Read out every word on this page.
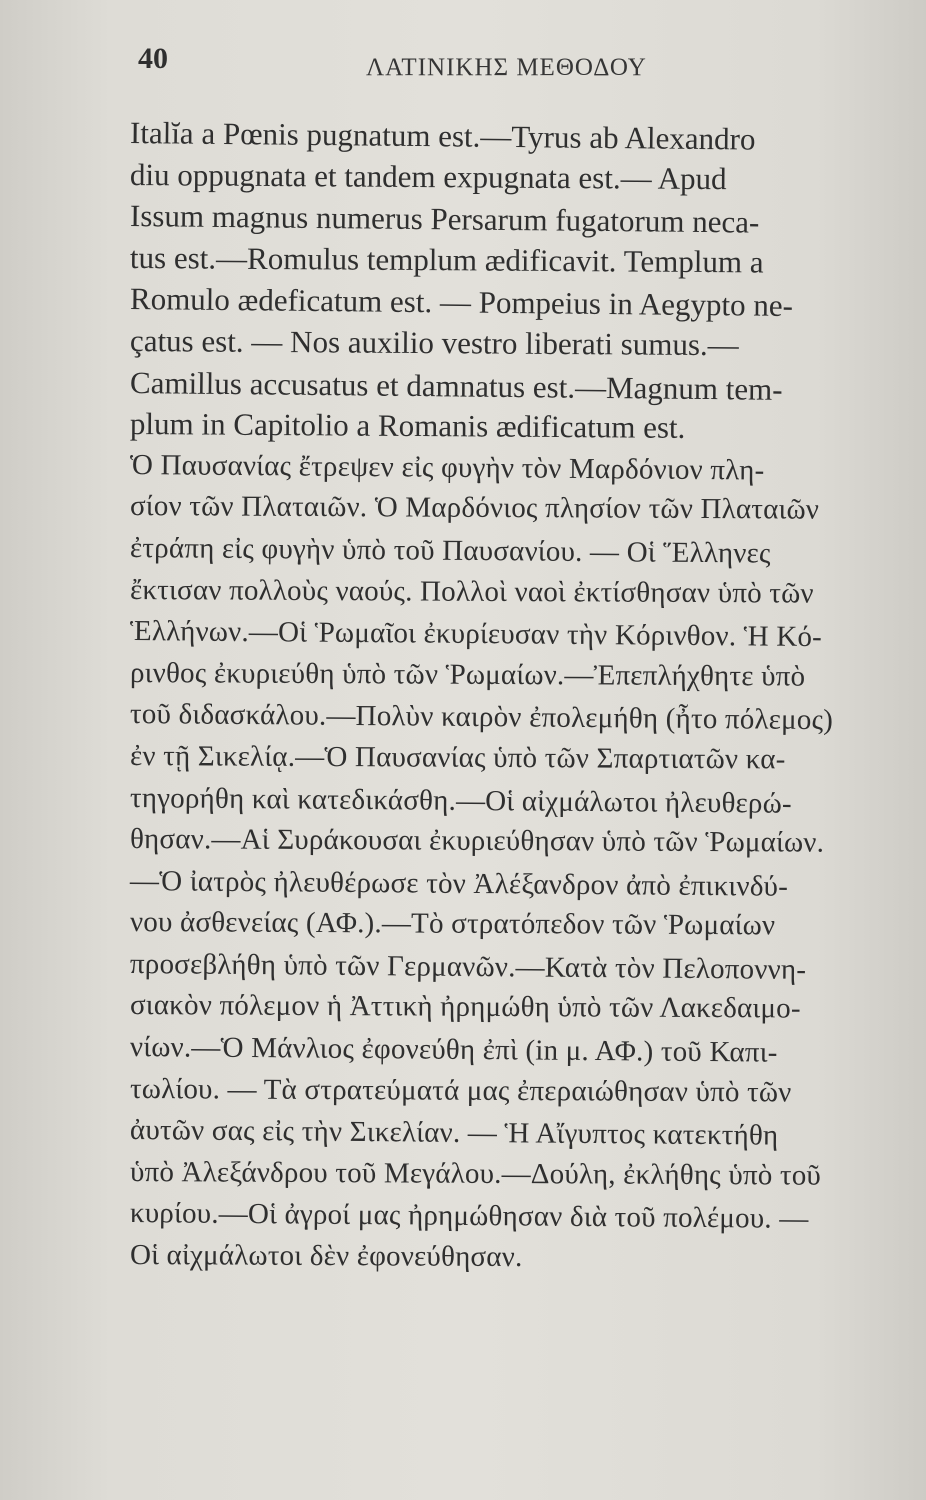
40	ΛΑΤΙΝΙΚΗΣ ΜΕΘΟΔΟΥ
Italĭa a Pœnis pugnatum est.—Tyrus ab Alexandro
diu oppugnata et tandem expugnata est.— Apud
Issum magnus numerus Persarum fugatorum neca-
tus est.—Romulus templum ædificavit. Templum a
Romulo ædeficatum est. — Pompeius in Aegypto ne-
çatus est. — Nos auxilio vestro liberati sumus.—
Camillus accusatus et damnatus est.—Magnum tem-
plum in Capitolio a Romanis ædificatum est.
Ὁ Παυσανίας ἔτρεψεν εἰς φυγὴν τὸν Μαρδόνιον πλη-
σίον τῶν Πλαταιῶν. Ὁ Μαρδόνιος πλησίον τῶν Πλαταιῶν
ἐτράπη εἰς φυγὴν ὑπὸ τοῦ Παυσανίου. — Οἱ Ἕλληνες
ἔκτισαν πολλοὺς ναούς. Πολλοὶ ναοὶ ἐκτίσθησαν ὑπὸ τῶν
Ἑλλήνων.—Οἱ Ῥωμαῖοι ἐκυρίευσαν τὴν Κόρινθον. Ἡ Κό-
ρινθος ἐκυριεύθη ὑπὸ τῶν Ῥωμαίων.—Ἐπεπλήχθητε ὑπὸ
τοῦ διδασκάλου.—Πολὺν καιρὸν ἐπολεμήθη (ἦτο πόλεμος)
ἐν τῇ Σικελίᾳ.—Ὁ Παυσανίας ὑπὸ τῶν Σπαρτιατῶν κα-
τηγορήθη καὶ κατεδικάσθη.—Οἱ αἰχμάλωτοι ἠλευθερώ-
θησαν.—Αἱ Συράκουσαι ἐκυριεύθησαν ὑπὸ τῶν Ῥωμαίων.
—Ὁ ἰατρὸς ἠλευθέρωσε τὸν Ἀλέξανδρον ἀπὸ ἐπικινδύ-
νου ἀσθενείας (ΑΦ.).—Τὸ στρατόπεδον τῶν Ῥωμαίων
προσεβλήθη ὑπὸ τῶν Γερμανῶν.—Κατὰ τὸν Πελοποννη-
σιακὸν πόλεμον ἡ Ἀττικὴ ἠρημώθη ὑπὸ τῶν Λακεδαιμο-
νίων.—Ὁ Μάνλιος ἐφονεύθη ἐπὶ (in μ. ΑΦ.) τοῦ Καπι-
τωλίου. — Τὰ στρατεύματά μας ἐπεραιώθησαν ὑπὸ τῶν
ἀυτῶν σας εἰς τὴν Σικελίαν. — Ἡ Αἴγυπτος κατεκτήθη
ὑπὸ Ἀλεξάνδρου τοῦ Μεγάλου.—Δούλη, ἐκλήθης ὑπὸ τοῦ
κυρίου.—Οἱ ἀγροί μας ἠρημώθησαν διὰ τοῦ πολέμου. —
Οἱ αἰχμάλωτοι δὲν ἐφονεύθησαν.
